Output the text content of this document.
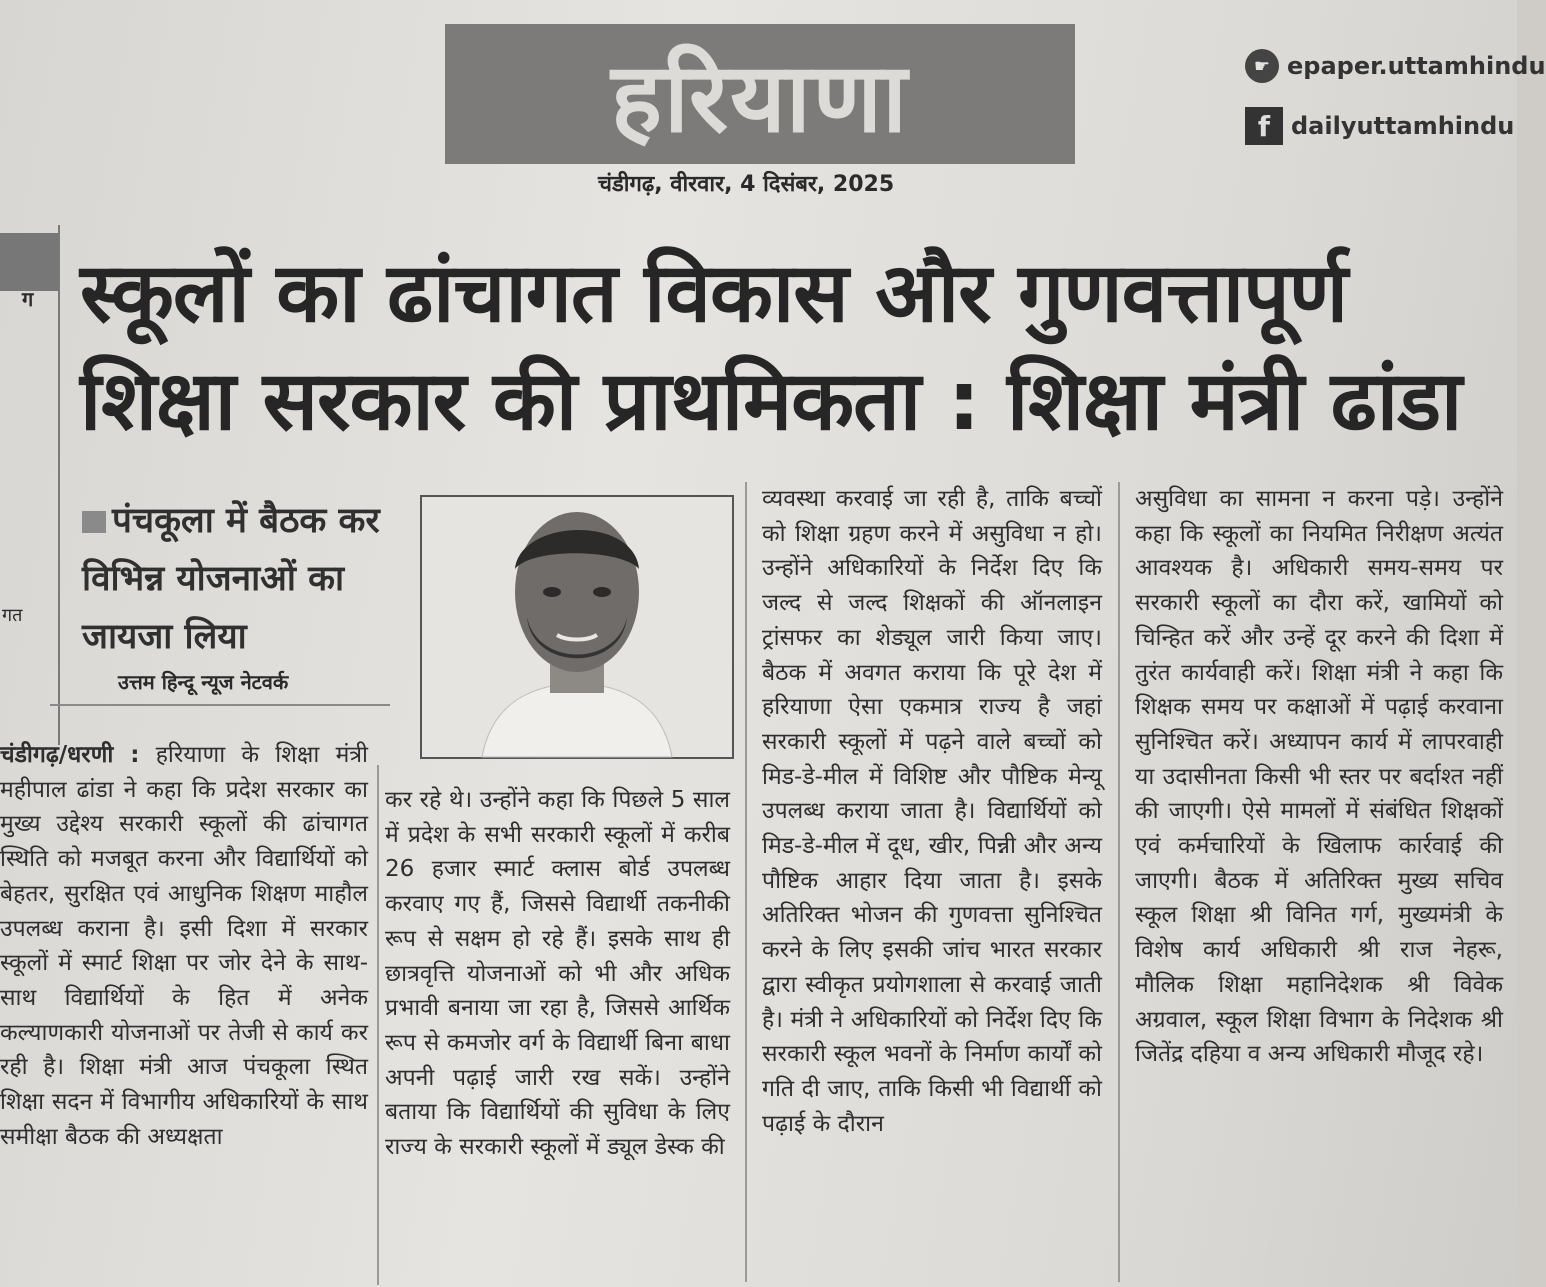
ग
गत
हरियाणा
चंडीगढ़, वीरवार, 4 दिसंबर, 2025
☛ epaper.uttamhindu
f dailyuttamhindu
स्कूलों का ढांचागत विकास और गुणवत्तापूर्ण
शिक्षा सरकार की प्राथमिकता : शिक्षा मंत्री ढांडा
पंचकूला में बैठक कर विभिन्न योजनाओं का जायजा लिया
उत्तम हिन्दू न्यूज नेटवर्क

चंडीगढ़/धरणी : हरियाणा के शिक्षा मंत्री महीपाल ढांडा ने कहा कि प्रदेश सरकार का मुख्य उद्देश्य सरकारी स्कूलों की ढांचागत स्थिति को मजबूत करना और विद्यार्थियों को बेहतर, सुरक्षित एवं आधुनिक शिक्षण माहौल उपलब्ध कराना है। इसी दिशा में सरकार स्कूलों में स्मार्ट शिक्षा पर जोर देने के साथ-साथ विद्यार्थियों के हित में अनेक कल्याणकारी योजनाओं पर तेजी से कार्य कर रही है। शिक्षा मंत्री आज पंचकूला स्थित शिक्षा सदन में विभागीय अधिकारियों के साथ समीक्षा बैठक की अध्यक्षता

कर रहे थे। उन्होंने कहा कि पिछले 5 साल में प्रदेश के सभी सरकारी स्कूलों में करीब 26 हजार स्मार्ट क्लास बोर्ड उपलब्ध करवाए गए हैं, जिससे विद्यार्थी तकनीकी रूप से सक्षम हो रहे हैं। इसके साथ ही छात्रवृत्ति योजनाओं को भी और अधिक प्रभावी बनाया जा रहा है, जिससे आर्थिक रूप से कमजोर वर्ग के विद्यार्थी बिना बाधा अपनी पढ़ाई जारी रख सकें। उन्होंने बताया कि विद्यार्थियों की सुविधा के लिए राज्य के सरकारी स्कूलों में ड्यूल डेस्क की

व्यवस्था करवाई जा रही है, ताकि बच्चों को शिक्षा ग्रहण करने में असुविधा न हो। उन्होंने अधिकारियों के निर्देश दिए कि जल्द से जल्द शिक्षकों की ऑनलाइन ट्रांसफर का शेड्यूल जारी किया जाए। बैठक में अवगत कराया कि पूरे देश में हरियाणा ऐसा एकमात्र राज्य है जहां सरकारी स्कूलों में पढ़ने वाले बच्चों को मिड-डे-मील में विशिष्ट और पौष्टिक मेन्यू उपलब्ध कराया जाता है। विद्यार्थियों को मिड-डे-मील में दूध, खीर, पिन्नी और अन्य पौष्टिक आहार दिया जाता है। इसके अतिरिक्त भोजन की गुणवत्ता सुनिश्चित करने के लिए इसकी जांच भारत सरकार द्वारा स्वीकृत प्रयोगशाला से करवाई जाती है। मंत्री ने अधिकारियों को निर्देश दिए कि सरकारी स्कूल भवनों के निर्माण कार्यों को गति दी जाए, ताकि किसी भी विद्यार्थी को पढ़ाई के दौरान

असुविधा का सामना न करना पड़े। उन्होंने कहा कि स्कूलों का नियमित निरीक्षण अत्यंत आवश्यक है। अधिकारी समय-समय पर सरकारी स्कूलों का दौरा करें, खामियों को चिन्हित करें और उन्हें दूर करने की दिशा में तुरंत कार्यवाही करें। शिक्षा मंत्री ने कहा कि शिक्षक समय पर कक्षाओं में पढ़ाई करवाना सुनिश्चित करें। अध्यापन कार्य में लापरवाही या उदासीनता किसी भी स्तर पर बर्दाश्त नहीं की जाएगी। ऐसे मामलों में संबंधित शिक्षकों एवं कर्मचारियों के खिलाफ कार्रवाई की जाएगी। बैठक में अतिरिक्त मुख्य सचिव स्कूल शिक्षा श्री विनित गर्ग, मुख्यमंत्री के विशेष कार्य अधिकारी श्री राज नेहरू, मौलिक शिक्षा महानिदेशक श्री विवेक अग्रवाल, स्कूल शिक्षा विभाग के निदेशक श्री जितेंद्र दहिया व अन्य अधिकारी मौजूद रहे।
